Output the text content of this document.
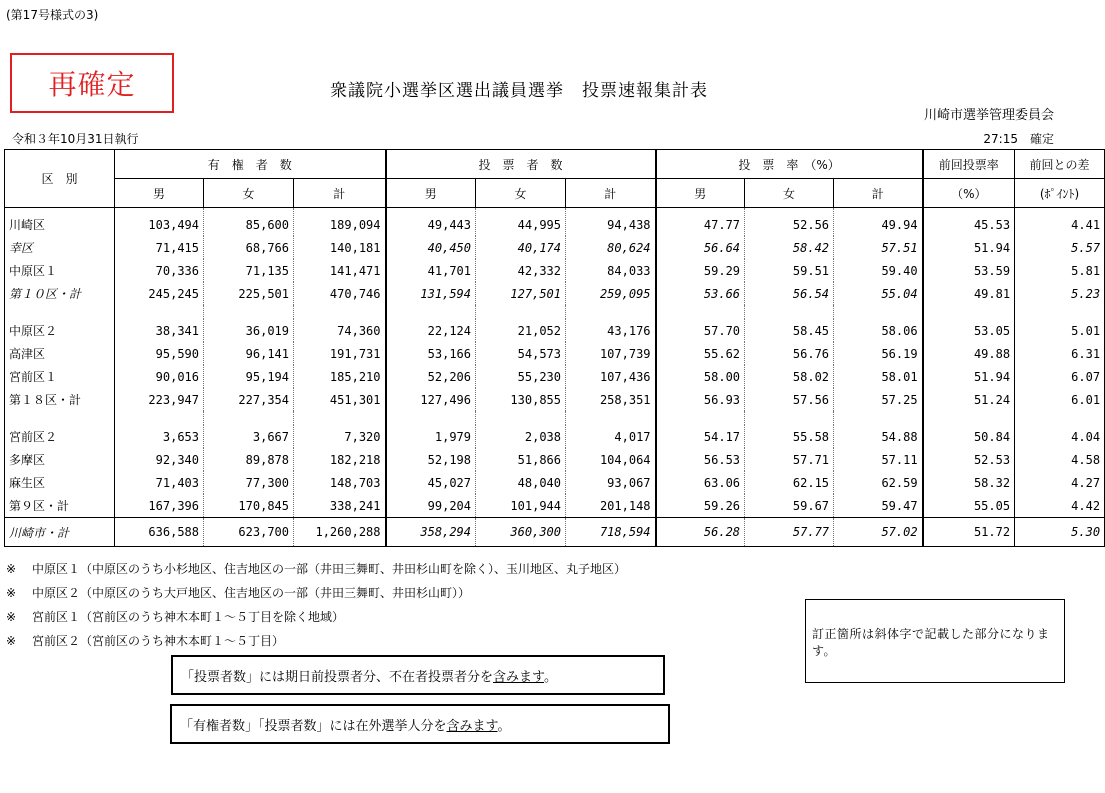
(第17号様式の3)
再確定	衆議院小選挙区選出議員選挙　投票速報集計表
川崎市選挙管理委員会
令和３年10月31日執行	27:15　確定
区　別	有　権　者　数			投　票　者　数			投　票　率　（%）			前回投票率	前回との差
	男	女	計	男	女	計	男	女	計	（%）	(ﾎﾟｲﾝﾄ)
川崎区	103,494	85,600	189,094	49,443	44,995	94,438	47.77	52.56	49.94	45.53	4.41
幸区	71,415	68,766	140,181	40,450	40,174	80,624	56.64	58.42	57.51	51.94	5.57
中原区１	70,336	71,135	141,471	41,701	42,332	84,033	59.29	59.51	59.40	53.59	5.81
第１０区・計	245,245	225,501	470,746	131,594	127,501	259,095	53.66	56.54	55.04	49.81	5.23

中原区２	38,341	36,019	74,360	22,124	21,052	43,176	57.70	58.45	58.06	53.05	5.01
高津区	95,590	96,141	191,731	53,166	54,573	107,739	55.62	56.76	56.19	49.88	6.31
宮前区１	90,016	95,194	185,210	52,206	55,230	107,436	58.00	58.02	58.01	51.94	6.07
第１８区・計	223,947	227,354	451,301	127,496	130,855	258,351	56.93	57.56	57.25	51.24	6.01

宮前区２	3,653	3,667	7,320	1,979	2,038	4,017	54.17	55.58	54.88	50.84	4.04
多摩区	92,340	89,878	182,218	52,198	51,866	104,064	56.53	57.71	57.11	52.53	4.58
麻生区	71,403	77,300	148,703	45,027	48,040	93,067	63.06	62.15	62.59	58.32	4.27
第９区・計	167,396	170,845	338,241	99,204	101,944	201,148	59.26	59.67	59.47	55.05	4.42
川崎市・計	636,588	623,700	1,260,288	358,294	360,300	718,594	56.28	57.77	57.02	51.72	5.30
※ 中原区１（中原区のうち小杉地区、住吉地区の一部（井田三舞町、井田杉山町を除く）、玉川地区、丸子地区）
※ 中原区２（中原区のうち大戸地区、住吉地区の一部（井田三舞町、井田杉山町））
※ 宮前区１（宮前区のうち神木本町１～５丁目を除く地域）
※ 宮前区２（宮前区のうち神木本町１～５丁目）
「投票者数」には期日前投票者分、不在者投票者分を含みます。
「有権者数」「投票者数」には在外選挙人分を含みます。
訂正箇所は斜体字で記載した部分になります。
